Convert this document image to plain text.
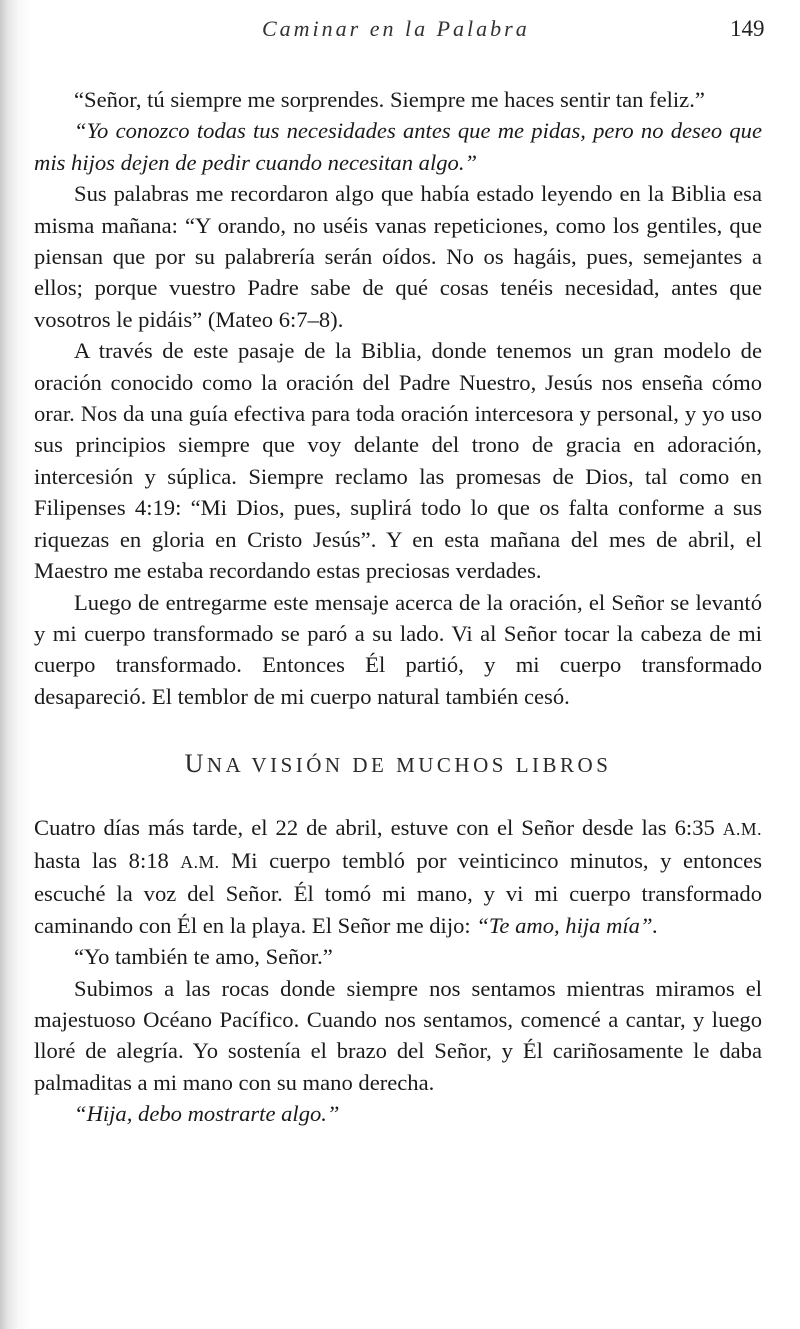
Caminar en la Palabra	149

“Señor, tú siempre me sorprendes. Siempre me haces sentir tan feliz.”

“Yo conozco todas tus necesidades antes que me pidas, pero no deseo que mis hijos dejen de pedir cuando necesitan algo.”

Sus palabras me recordaron algo que había estado leyendo en la Biblia esa misma mañana: “Y orando, no uséis vanas repeticiones, como los gentiles, que piensan que por su palabrería serán oídos. No os hagáis, pues, semejantes a ellos; porque vuestro Padre sabe de qué cosas tenéis necesidad, antes que vosotros le pidáis” (Mateo 6:7–8).

A través de este pasaje de la Biblia, donde tenemos un gran modelo de oración conocido como la oración del Padre Nuestro, Jesús nos enseña cómo orar. Nos da una guía efectiva para toda oración intercesora y personal, y yo uso sus principios siempre que voy delante del trono de gracia en adoración, intercesión y súplica. Siempre reclamo las promesas de Dios, tal como en Filipenses 4:19: “Mi Dios, pues, suplirá todo lo que os falta conforme a sus riquezas en gloria en Cristo Jesús”. Y en esta mañana del mes de abril, el Maestro me estaba recordando estas preciosas verdades.

Luego de entregarme este mensaje acerca de la oración, el Señor se levantó y mi cuerpo transformado se paró a su lado. Vi al Señor tocar la cabeza de mi cuerpo transformado. Entonces Él partió, y mi cuerpo transformado desapareció. El temblor de mi cuerpo natural también cesó.

UNA VISIÓN DE MUCHOS LIBROS

Cuatro días más tarde, el 22 de abril, estuve con el Señor desde las 6:35 A.M. hasta las 8:18 A.M. Mi cuerpo tembló por veinticinco minutos, y entonces escuché la voz del Señor. Él tomó mi mano, y vi mi cuerpo transformado caminando con Él en la playa. El Señor me dijo: “Te amo, hija mía”.

“Yo también te amo, Señor.”

Subimos a las rocas donde siempre nos sentamos mientras miramos el majestuoso Océano Pacífico. Cuando nos sentamos, comencé a cantar, y luego lloré de alegría. Yo sostenía el brazo del Señor, y Él cariñosamente le daba palmaditas a mi mano con su mano derecha.

“Hija, debo mostrarte algo.”
